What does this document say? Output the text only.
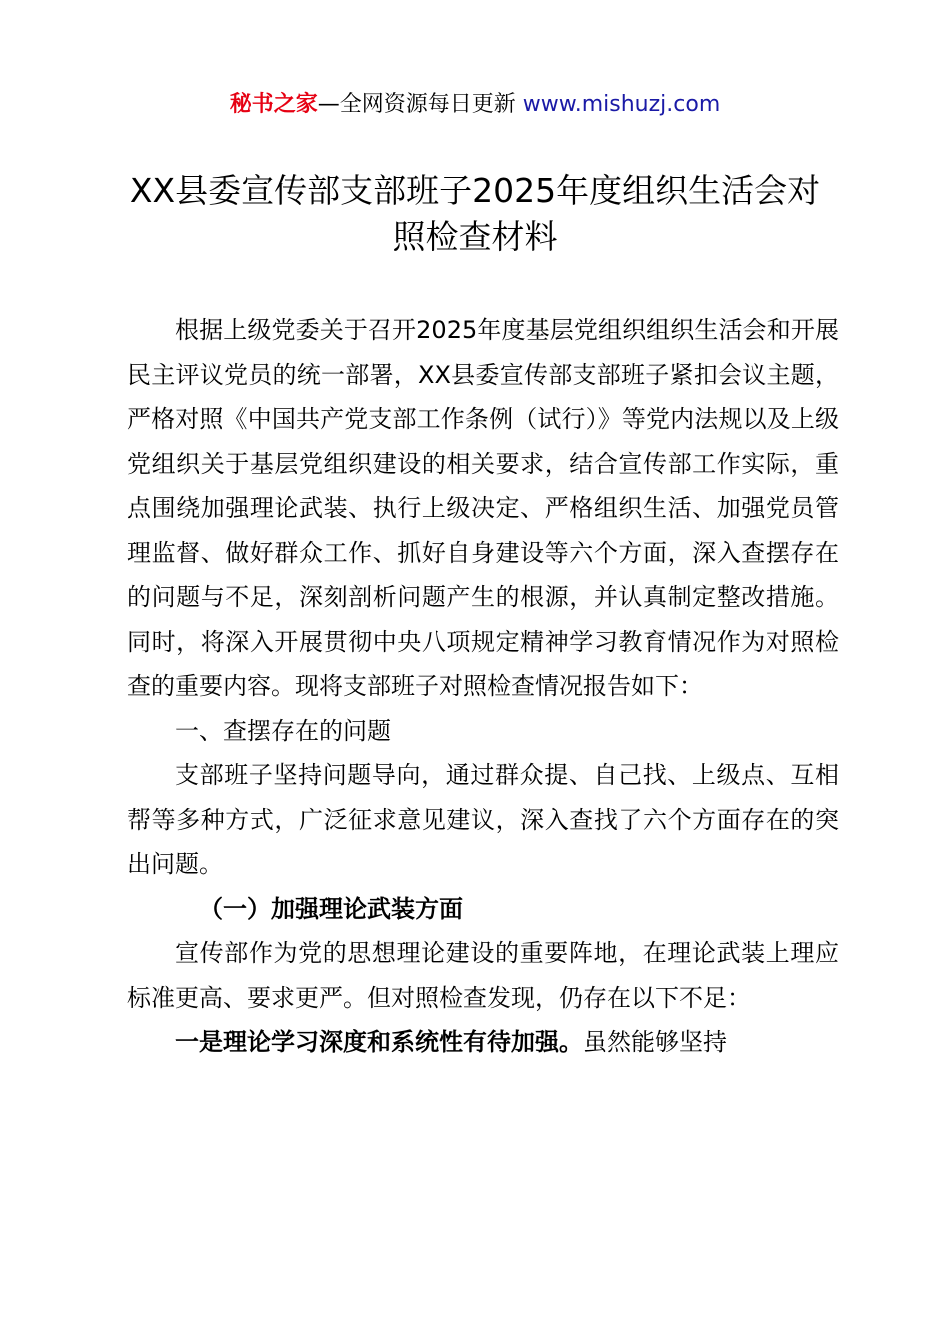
秘书之家—全网资源每日更新 www.mishuzj.com
XX县委宣传部支部班子2025年度组织生活会对照检查材料

根据上级党委关于召开2025年度基层党组织组织生活会和开展民主评议党员的统一部署，XX县委宣传部支部班子紧扣会议主题，严格对照《中国共产党支部工作条例（试行）》等党内法规以及上级党组织关于基层党组织建设的相关要求，结合宣传部工作实际，重点围绕加强理论武装、执行上级决定、严格组织生活、加强党员管理监督、做好群众工作、抓好自身建设等六个方面，深入查摆存在的问题与不足，深刻剖析问题产生的根源，并认真制定整改措施。同时，将深入开展贯彻中央八项规定精神学习教育情况作为对照检查的重要内容。现将支部班子对照检查情况报告如下：

一、查摆存在的问题

支部班子坚持问题导向，通过群众提、自己找、上级点、互相帮等多种方式，广泛征求意见建议，深入查找了六个方面存在的突出问题。

（一）加强理论武装方面

宣传部作为党的思想理论建设的重要阵地，在理论武装上理应标准更高、要求更严。但对照检查发现，仍存在以下不足：

一是理论学习深度和系统性有待加强。虽然能够坚持
